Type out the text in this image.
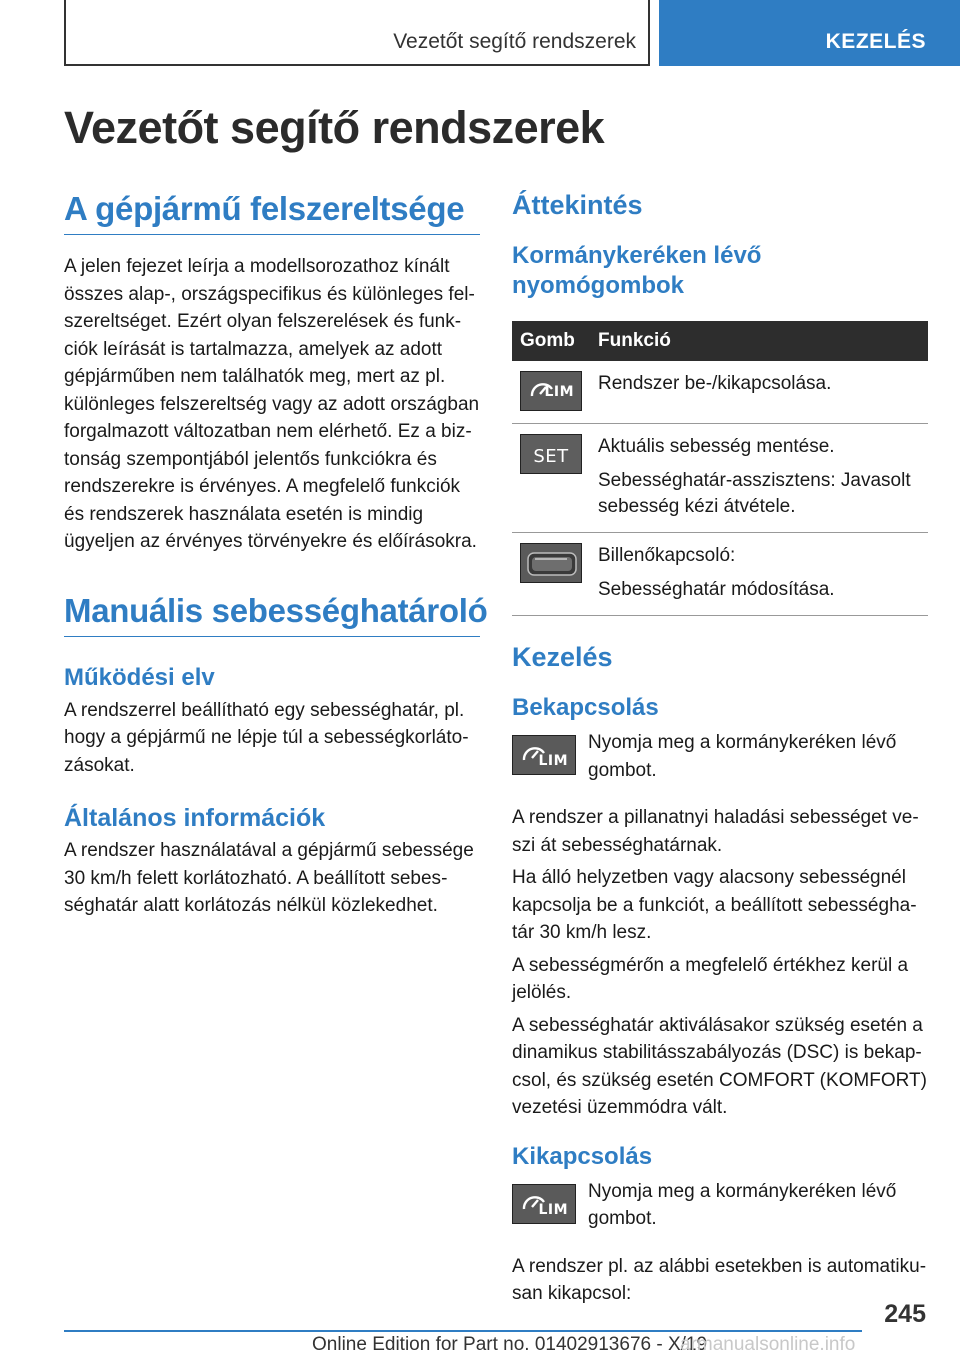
Vezetőt segítő rendszerek	KEZELÉS
Vezetőt segítő rendszerek
A gépjármű felszereltsége

A jelen fejezet leírja a modellsorozathoz kínált összes alap-, országspecifikus és különleges felszereltséget. Ezért olyan felszerelések és funkciók leírását is tartalmazza, amelyek az adott gépjárműben nem találhatók meg, mert az pl. különleges felszereltség vagy az adott országban forgalmazott változatban nem elérhető. Ez a biztonság szempontjából jelentős funkciókra és rendszerekre is érvényes. A megfelelő funkciók és rendszerek használata esetén is mindig ügyeljen az érvényes törvényekre és előírásokra.

Manuális sebességhatároló
Működési elv

A rendszerrel beállítható egy sebességhatár, pl. hogy a gépjármű ne lépje túl a sebességkorlátozásokat.

Általános információk

A rendszer használatával a gépjármű sebessége 30 km/h felett korlátozható. A beállított sebességhatár alatt korlátozás nélkül közlekedhet.

Áttekintés
Kormánykeréken lévő nyomógombok
Gomb	Funkció

LIM	Rendszer be-/kikapcsolása.

SET	Aktuális sebesség mentése.

Sebességhatár-asszisztens: Javasolt sebesség kézi átvétele.

Billenőkapcsoló:

Sebességhatár módosítása.

Kezelés
Bekapcsolás
LIM

Nyomja meg a kormánykeréken lévő gombot.

A rendszer a pillanatnyi haladási sebességet veszi át sebességhatárnak.

Ha álló helyzetben vagy alacsony sebességnél kapcsolja be a funkciót, a beállított sebességhatár 30 km/h lesz.

A sebességmérőn a megfelelő értékhez kerül a jelölés.

A sebességhatár aktiválásakor szükség esetén a dinamikus stabilitásszabályozás (DSC) is bekapcsol, és szükség esetén COMFORT (KOMFORT) vezetési üzemmódra vált.

Kikapcsolás
LIM

Nyomja meg a kormánykeréken lévő gombot.

A rendszer pl. az alábbi esetekben is automatikusan kikapcsol:

245
Online Edition for Part no. 01402913676 - X/19
armanualsonline.info
